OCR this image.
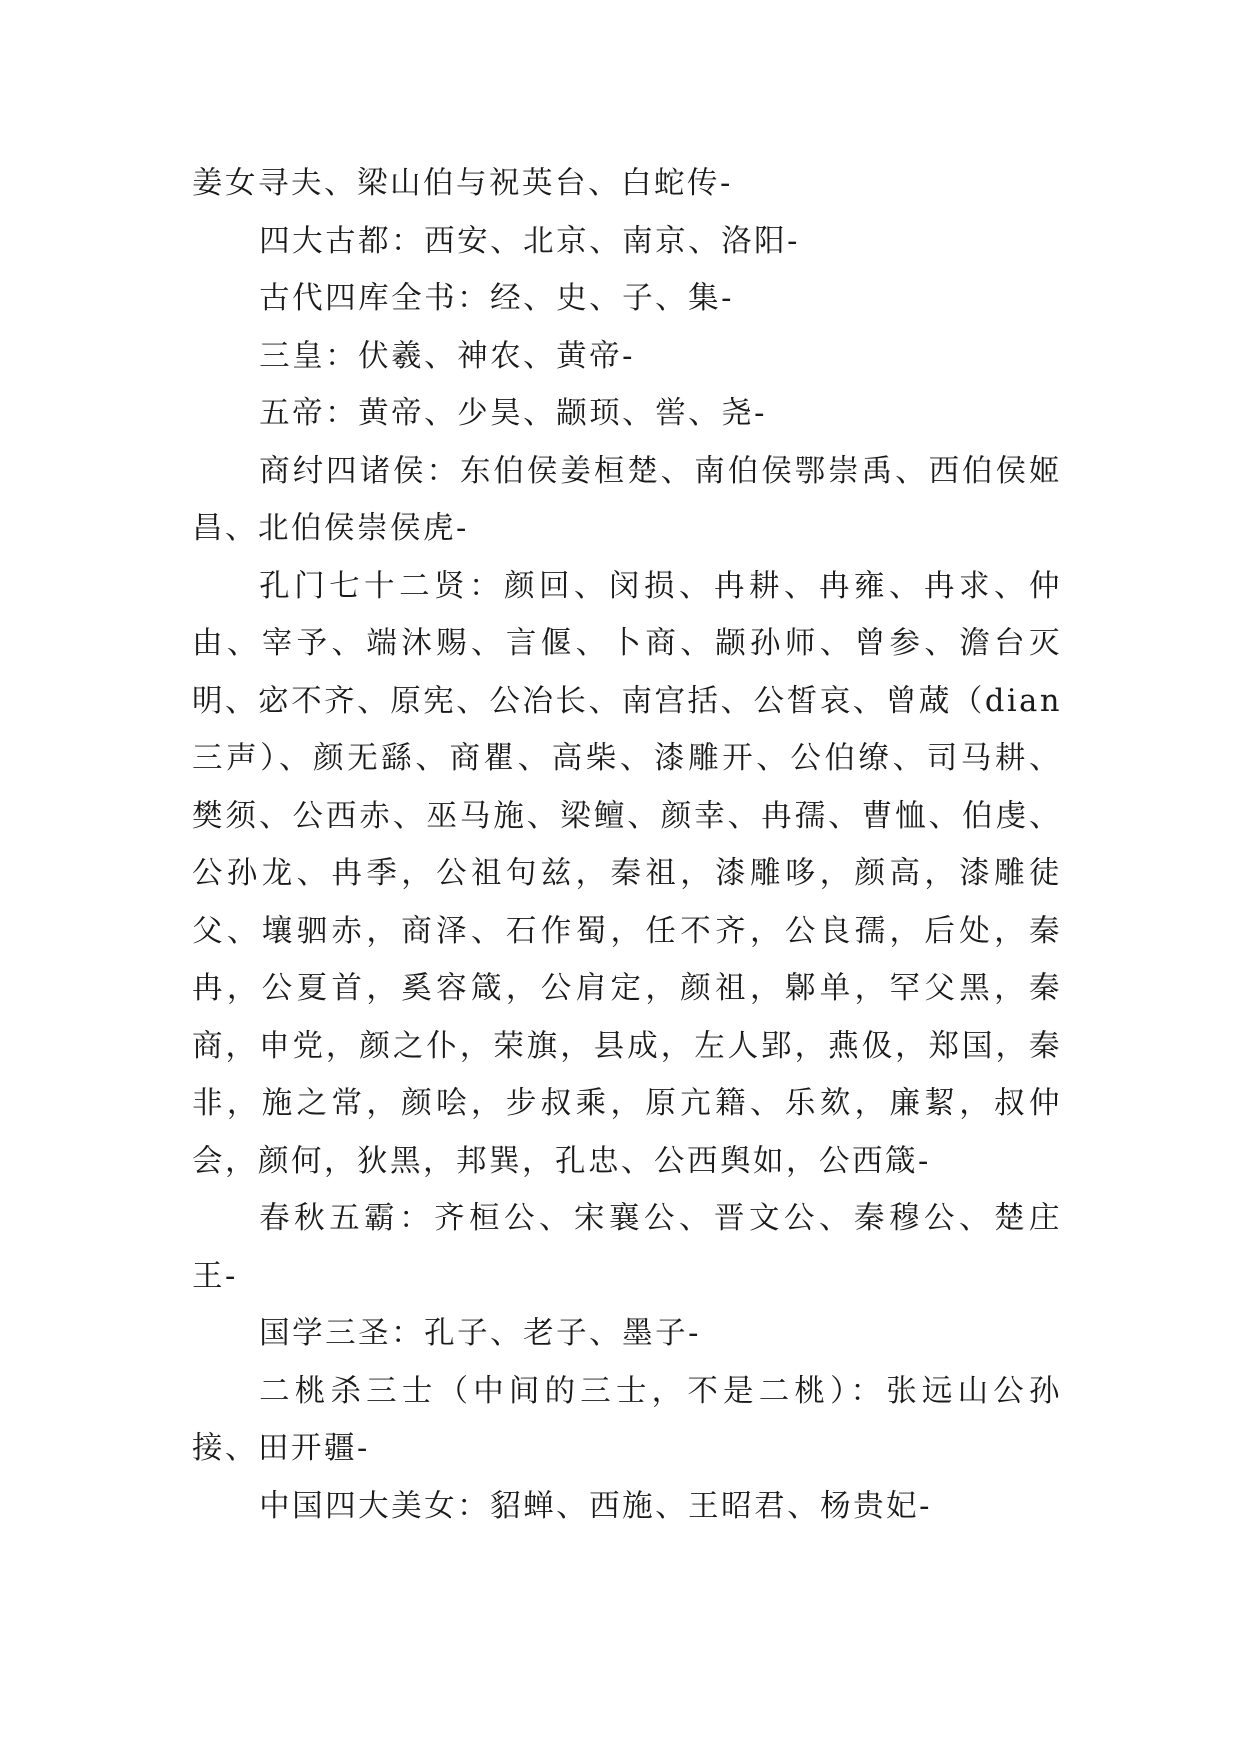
姜女寻夫、梁山伯与祝英台、白蛇传-

四大古都：西安、北京、南京、洛阳-

古代四库全书：经、史、子、集-

三皇：伏羲、神农、黄帝-

五帝：黄帝、少昊、颛顼、喾、尧-

商纣四诸侯：东伯侯姜桓楚、南伯侯鄂崇禹、西伯侯姬昌、北伯侯崇侯虎-

孔门七十二贤：颜回、闵损、冉耕、冉雍、冉求、仲由、宰予、端沐赐、言偃、卜商、颛孙师、曾参、澹台灭明、宓不齐、原宪、公冶长、南宫括、公皙哀、曾蒧（dian三声）、颜无繇、商瞿、高柴、漆雕开、公伯缭、司马耕、樊须、公西赤、巫马施、梁鳣、颜幸、冉孺、曹恤、伯虔、公孙龙、冉季，公祖句兹，秦祖，漆雕哆，颜高，漆雕徒父、壤驷赤，商泽、石作蜀，任不齐，公良孺，后处，秦冉，公夏首，奚容箴，公肩定，颜祖，鄡单，罕父黑，秦商，申党，颜之仆，荣旗，县成，左人郢，燕伋，郑国，秦非，施之常，颜哙，步叔乘，原亢籍、乐欬，廉絜，叔仲会，颜何，狄黑，邦巽，孔忠、公西舆如，公西箴-

春秋五霸：齐桓公、宋襄公、晋文公、秦穆公、楚庄王-

国学三圣：孔子、老子、墨子-

二桃杀三士（中间的三士，不是二桃）：张远山公孙接、田开疆-

中国四大美女：貂蝉、西施、王昭君、杨贵妃-
